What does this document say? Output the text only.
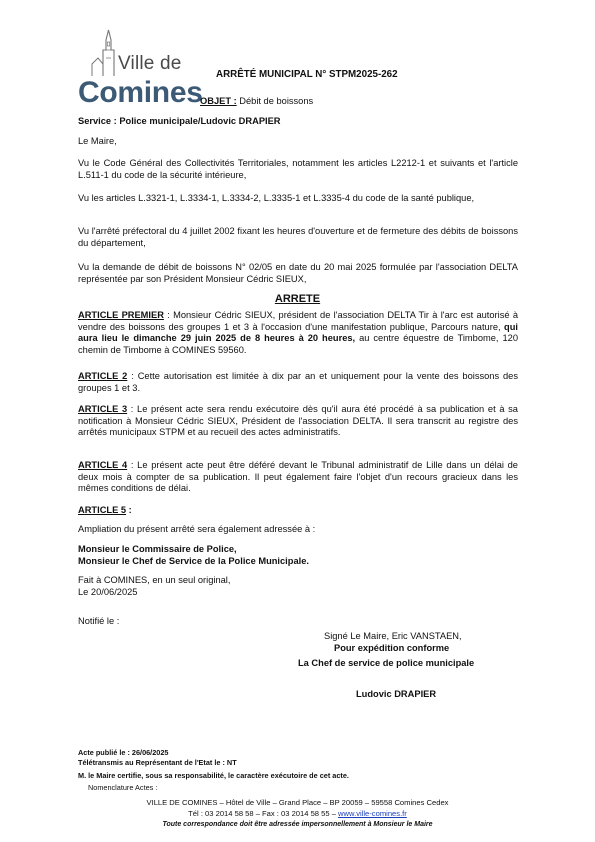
Ville de
Comines
ARRÊTÉ MUNICIPAL N° STPM2025-262
OBJET : Débit de boissons
Service : Police municipale/Ludovic DRAPIER
Le Maire,
Vu le Code Général des Collectivités Territoriales, notamment les articles L2212-1 et suivants et l'article L.511-1 du code de la sécurité intérieure,
Vu les articles L.3321-1, L.3334-1, L.3334-2, L.3335-1 et L.3335-4 du code de la santé publique,
Vu l'arrêté préfectoral du 4 juillet 2002 fixant les heures d'ouverture et de fermeture des débits de boissons du département,
Vu la demande de débit de boissons N° 02/05 en date du 20 mai 2025 formulée par l'association DELTA représentée par son Président Monsieur Cédric SIEUX,
ARRETE
ARTICLE PREMIER : Monsieur Cédric SIEUX, président de l'association DELTA Tir à l'arc est autorisé à vendre des boissons des groupes 1 et 3 à l'occasion d'une manifestation publique, Parcours nature, qui aura lieu le dimanche 29 juin 2025 de 8 heures à 20 heures, au centre équestre de Timbome, 120 chemin de Timbome à COMINES 59560.
ARTICLE 2 : Cette autorisation est limitée à dix par an et uniquement pour la vente des boissons des groupes 1 et 3.
ARTICLE 3 : Le présent acte sera rendu exécutoire dès qu'il aura été procédé à sa publication et à sa notification à Monsieur Cédric SIEUX, Président de l'association DELTA. Il sera transcrit au registre des arrêtés municipaux STPM et au recueil des actes administratifs.
ARTICLE 4 : Le présent acte peut être déféré devant le Tribunal administratif de Lille dans un délai de deux mois à compter de sa publication. Il peut également faire l'objet d'un recours gracieux dans les mêmes conditions de délai.
ARTICLE 5 :
Ampliation du présent arrêté sera également adressée à :
Monsieur le Commissaire de Police,
Monsieur le Chef de Service de la Police Municipale.
Fait à COMINES, en un seul original,
Le 20/06/2025
Notifié le :
Signé Le Maire, Eric VANSTAEN,
Pour expédition conforme
La Chef de service de police municipale
Ludovic DRAPIER
Acte publié le : 26/06/2025
Télétransmis au Représentant de l'Etat le : NT
M. le Maire certifie, sous sa responsabilité, le caractère exécutoire de cet acte.
Nomenclature Actes :
VILLE DE COMINES – Hôtel de Ville – Grand Place – BP 20059 – 59558 Comines Cedex
Tél : 03 2014 58 58 – Fax : 03 2014 58 55 – www.ville-comines.fr
Toute correspondance doit être adressée impersonnellement à Monsieur le Maire
